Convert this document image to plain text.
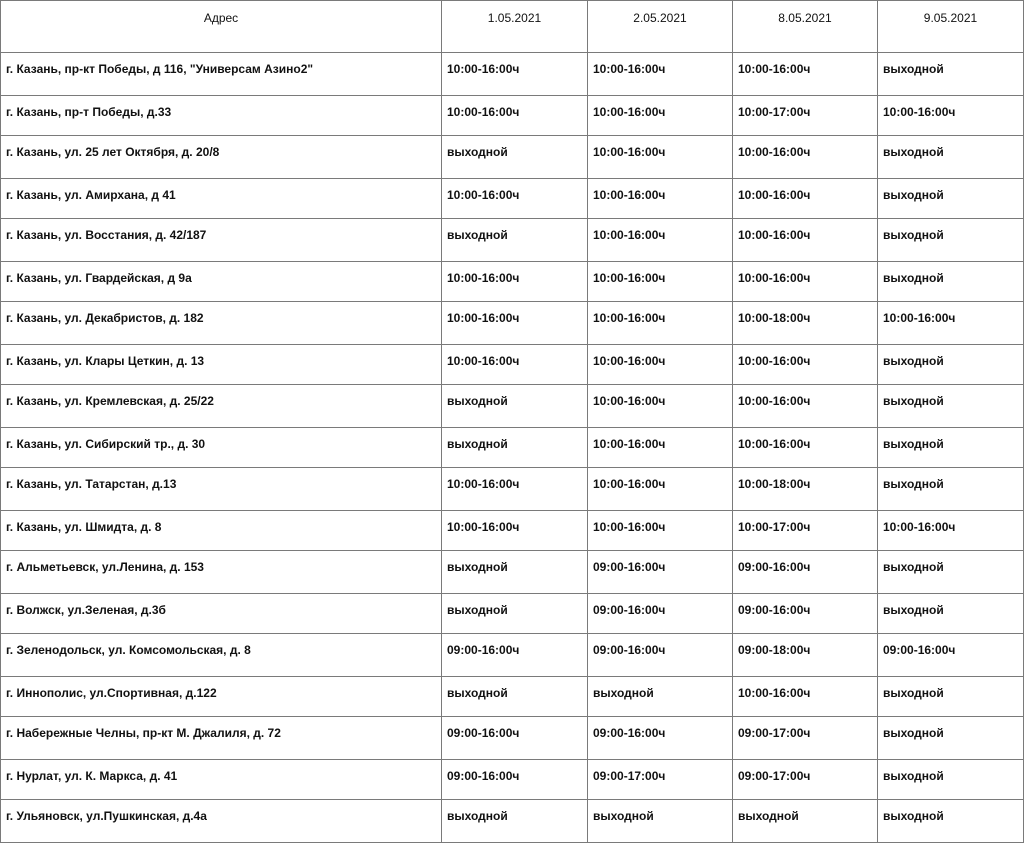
Адрес	1.05.2021	2.05.2021	8.05.2021	9.05.2021
г. Казань, пр-кт Победы, д 116, "Универсам Азино2"	10:00-16:00ч	10:00-16:00ч	10:00-16:00ч	выходной
г. Казань, пр-т Победы, д.33	10:00-16:00ч	10:00-16:00ч	10:00-17:00ч	10:00-16:00ч
г. Казань, ул. 25 лет Октября, д. 20/8	выходной	10:00-16:00ч	10:00-16:00ч	выходной
г. Казань, ул. Амирхана, д 41	10:00-16:00ч	10:00-16:00ч	10:00-16:00ч	выходной
г. Казань, ул. Восстания, д. 42/187	выходной	10:00-16:00ч	10:00-16:00ч	выходной
г. Казань, ул. Гвардейская, д 9а	10:00-16:00ч	10:00-16:00ч	10:00-16:00ч	выходной
г. Казань, ул. Декабристов, д. 182	10:00-16:00ч	10:00-16:00ч	10:00-18:00ч	10:00-16:00ч
г. Казань, ул. Клары Цеткин, д. 13	10:00-16:00ч	10:00-16:00ч	10:00-16:00ч	выходной
г. Казань, ул. Кремлевская, д. 25/22	выходной	10:00-16:00ч	10:00-16:00ч	выходной
г. Казань, ул. Сибирский тр., д. 30	выходной	10:00-16:00ч	10:00-16:00ч	выходной
г. Казань, ул. Татарстан, д.13	10:00-16:00ч	10:00-16:00ч	10:00-18:00ч	выходной
г. Казань, ул. Шмидта, д. 8	10:00-16:00ч	10:00-16:00ч	10:00-17:00ч	10:00-16:00ч
г. Альметьевск, ул.Ленина, д. 153	выходной	09:00-16:00ч	09:00-16:00ч	выходной
г. Волжск, ул.Зеленая, д.3б	выходной	09:00-16:00ч	09:00-16:00ч	выходной
г. Зеленодольск, ул. Комсомольская, д. 8	09:00-16:00ч	09:00-16:00ч	09:00-18:00ч	09:00-16:00ч
г. Иннополис, ул.Спортивная, д.122	выходной	выходной	10:00-16:00ч	выходной
г. Набережные Челны, пр-кт М. Джалиля, д. 72	09:00-16:00ч	09:00-16:00ч	09:00-17:00ч	выходной
г. Нурлат, ул. К. Маркса, д. 41	09:00-16:00ч	09:00-17:00ч	09:00-17:00ч	выходной
г. Ульяновск, ул.Пушкинская, д.4а	выходной	выходной	выходной	выходной
